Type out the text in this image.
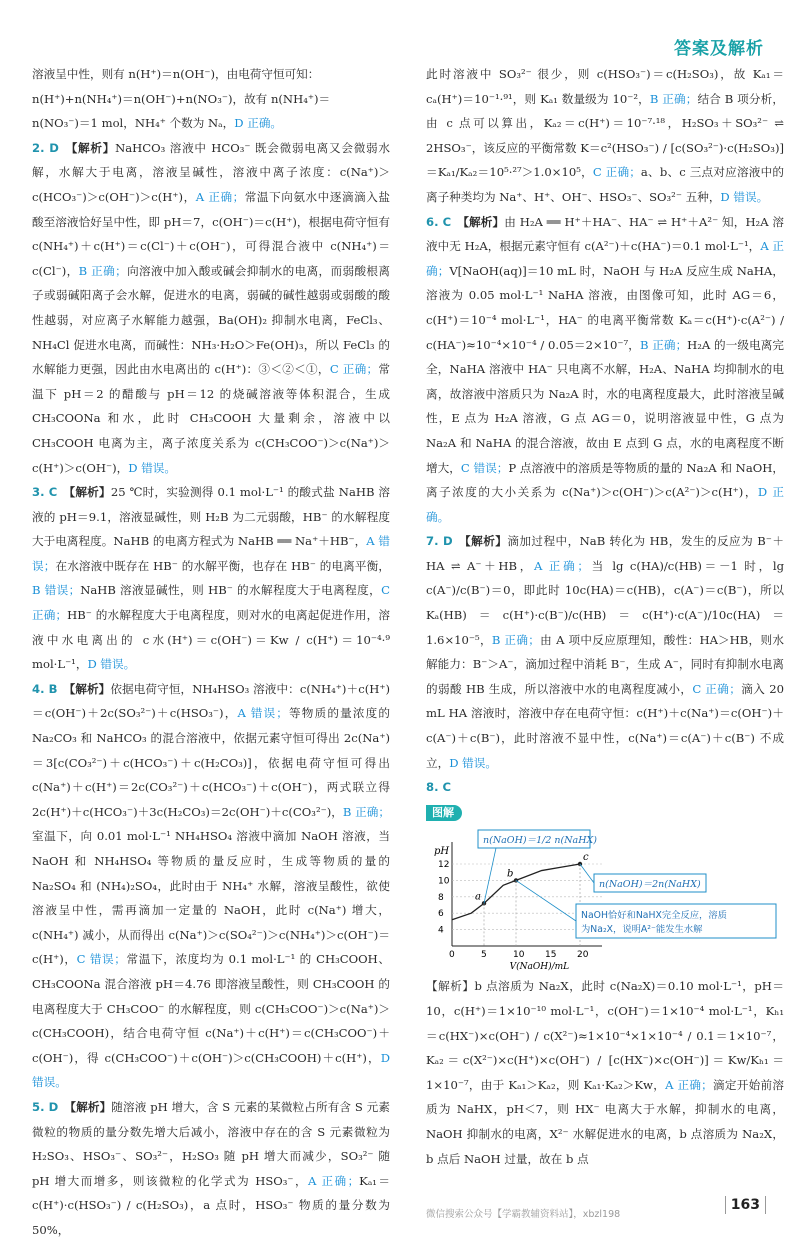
答案及解析

溶液呈中性，则有 n(H⁺)＝n(OH⁻)，由电荷守恒可知：

n(H⁺)+n(NH₄⁺)＝n(OH⁻)+n(NO₃⁻)，故有 n(NH₄⁺)＝

n(NO₃⁻)＝1 mol，NH₄⁺ 个数为 Nₐ，D 正确。

2. D 【解析】NaHCO₃ 溶液中 HCO₃⁻ 既会微弱电离又会微弱水解，水解大于电离，溶液呈碱性，溶液中离子浓度：c(Na⁺)＞c(HCO₃⁻)＞c(OH⁻)＞c(H⁺)，A 正确；常温下向氨水中逐滴滴入盐酸至溶液恰好呈中性，即 pH＝7，c(OH⁻)＝c(H⁺)，根据电荷守恒有 c(NH₄⁺)＋c(H⁺)＝c(Cl⁻)＋c(OH⁻)，可得混合液中 c(NH₄⁺)＝c(Cl⁻)，B 正确；向溶液中加入酸或碱会抑制水的电离，而弱酸根离子或弱碱阳离子会水解，促进水的电离，弱碱的碱性越弱或弱酸的酸性越弱，对应离子水解能力越强，Ba(OH)₂ 抑制水电离，FeCl₃、NH₄Cl 促进水电离，而碱性：NH₃·H₂O＞Fe(OH)₃，所以 FeCl₃ 的水解能力更强，因此由水电离出的 c(H⁺)：③＜②＜①，C 正确；常温下 pH＝2 的醋酸与 pH＝12 的烧碱溶液等体积混合，生成 CH₃COONa 和水，此时 CH₃COOH 大量剩余，溶液中以 CH₃COOH 电离为主，离子浓度关系为 c(CH₃COO⁻)＞c(Na⁺)＞c(H⁺)＞c(OH⁻)，D 错误。

3. C 【解析】25 ℃时，实验测得 0.1 mol·L⁻¹ 的酸式盐 NaHB 溶液的 pH＝9.1，溶液显碱性，则 H₂B 为二元弱酸，HB⁻ 的水解程度大于电离程度。NaHB 的电离方程式为 NaHB ══ Na⁺＋HB⁻，A 错误；在水溶液中既存在 HB⁻ 的水解平衡，也存在 HB⁻ 的电离平衡，B 错误；NaHB 溶液显碱性，则 HB⁻ 的水解程度大于电离程度，C 正确；HB⁻ 的水解程度大于电离程度，则对水的电离起促进作用，溶液中水电离出的 c水(H⁺)＝c(OH⁻)＝Kw / c(H⁺)＝10⁻⁴·⁹ mol·L⁻¹，D 错误。

4. B 【解析】依据电荷守恒，NH₄HSO₃ 溶液中：c(NH₄⁺)＋c(H⁺)＝c(OH⁻)＋2c(SO₃²⁻)＋c(HSO₃⁻)，A 错误；等物质的量浓度的 Na₂CO₃ 和 NaHCO₃ 的混合溶液中，依据元素守恒可得出 2c(Na⁺)＝3[c(CO₃²⁻)＋c(HCO₃⁻)＋c(H₂CO₃)]，依据电荷守恒可得出 c(Na⁺)＋c(H⁺)＝2c(CO₃²⁻)＋c(HCO₃⁻)＋c(OH⁻)，两式联立得 2c(H⁺)＋c(HCO₃⁻)＋3c(H₂CO₃)＝2c(OH⁻)＋c(CO₃²⁻)，B 正确；室温下，向 0.01 mol·L⁻¹ NH₄HSO₄ 溶液中滴加 NaOH 溶液，当 NaOH 和 NH₄HSO₄ 等物质的量反应时，生成等物质的量的 Na₂SO₄ 和 (NH₄)₂SO₄，此时由于 NH₄⁺ 水解，溶液呈酸性，欲使溶液呈中性，需再滴加一定量的 NaOH，此时 c(Na⁺) 增大，c(NH₄⁺) 减小，从而得出 c(Na⁺)＞c(SO₄²⁻)＞c(NH₄⁺)＞c(OH⁻)＝c(H⁺)，C 错误；常温下，浓度均为 0.1 mol·L⁻¹ 的 CH₃COOH、CH₃COONa 混合溶液 pH＝4.76 即溶液呈酸性，则 CH₃COOH 的电离程度大于 CH₃COO⁻ 的水解程度，则 c(CH₃COO⁻)＞c(Na⁺)＞c(CH₃COOH)，结合电荷守恒 c(Na⁺)＋c(H⁺)＝c(CH₃COO⁻)＋c(OH⁻)，得 c(CH₃COO⁻)＋c(OH⁻)＞c(CH₃COOH)＋c(H⁺)，D 错误。

5. D 【解析】随溶液 pH 增大，含 S 元素的某微粒占所有含 S 元素微粒的物质的量分数先增大后减小，溶液中存在的含 S 元素微粒为 H₂SO₃、HSO₃⁻、SO₃²⁻，H₂SO₃ 随 pH 增大而减少，SO₃²⁻ 随 pH 增大而增多，则该微粒的化学式为 HSO₃⁻，A 正确；Kₐ₁＝c(H⁺)·c(HSO₃⁻) / c(H₂SO₃)，a 点时，HSO₃⁻ 物质的量分数为 50%，

此时溶液中 SO₃²⁻ 很少，则 c(HSO₃⁻)＝c(H₂SO₃)，故 Kₐ₁＝cₐ(H⁺)＝10⁻¹·⁹¹，则 Kₐ₁ 数量级为 10⁻²，B 正确；结合 B 项分析，由 c 点可以算出，Kₐ₂＝c(H⁺)＝10⁻⁷·¹⁸，H₂SO₃＋SO₃²⁻ ⇌ 2HSO₃⁻，该反应的平衡常数 K＝c²(HSO₃⁻) / [c(SO₃²⁻)·c(H₂SO₃)]＝Kₐ₁/Kₐ₂＝10⁵·²⁷＞1.0×10⁵，C 正确；a、b、c 三点对应溶液中的离子种类均为 Na⁺、H⁺、OH⁻、HSO₃⁻、SO₃²⁻ 五种，D 错误。

6. C 【解析】由 H₂A ══ H⁺＋HA⁻、HA⁻ ⇌ H⁺＋A²⁻ 知，H₂A 溶液中无 H₂A，根据元素守恒有 c(A²⁻)＋c(HA⁻)＝0.1 mol·L⁻¹，A 正确；V[NaOH(aq)]＝10 mL 时，NaOH 与 H₂A 反应生成 NaHA，溶液为 0.05 mol·L⁻¹ NaHA 溶液，由图像可知，此时 AG＝6，c(H⁺)＝10⁻⁴ mol·L⁻¹，HA⁻ 的电离平衡常数 Kₐ＝c(H⁺)·c(A²⁻) / c(HA⁻)≈10⁻⁴×10⁻⁴ / 0.05＝2×10⁻⁷，B 正确；H₂A 的一级电离完全，NaHA 溶液中 HA⁻ 只电离不水解，H₂A、NaHA 均抑制水的电离，故溶液中溶质只为 Na₂A 时，水的电离程度最大，此时溶液呈碱性，E 点为 H₂A 溶液，G 点 AG＝0，说明溶液显中性，G 点为 Na₂A 和 NaHA 的混合溶液，故由 E 点到 G 点，水的电离程度不断增大，C 错误；P 点溶液中的溶质是等物质的量的 Na₂A 和 NaOH，离子浓度的大小关系为 c(Na⁺)＞c(OH⁻)＞c(A²⁻)＞c(H⁺)，D 正确。

7. D 【解析】滴加过程中，NaB 转化为 HB，发生的反应为 B⁻＋HA ⇌ A⁻＋HB，A 正确；当 lg c(HA)/c(HB)＝－1 时，lg c(A⁻)/c(B⁻)＝0，即此时 10c(HA)＝c(HB)，c(A⁻)＝c(B⁻)，所以 Kₐ(HB)＝c(H⁺)·c(B⁻)/c(HB)＝c(H⁺)·c(A⁻)/10c(HA)＝1.6×10⁻⁵，B 正确；由 A 项中反应原理知，酸性：HA＞HB，则水解能力：B⁻＞A⁻，滴加过程中消耗 B⁻，生成 A⁻，同时有抑制水电离的弱酸 HB 生成，所以溶液中水的电离程度减小，C 正确；滴入 20 mL HA 溶液时，溶液中存在电荷守恒：c(H⁺)＋c(Na⁺)＝c(OH⁻)＋c(A⁻)＋c(B⁻)，此时溶液不显中性，c(Na⁺)＝c(A⁻)＋c(B⁻) 不成立，D 错误。

8. C

图解
pH
12
10
8
6
4
0	5	10 15 20
V(NaOH)/mL
a
b
c
n(NaOH)＝1/2 n(NaHX)
n(NaOH)＝2n(NaHX)
NaOH恰好和NaHX完全反应，溶质
为Na₂X，说明A²⁻能发生水解

【解析】b 点溶质为 Na₂X，此时 c(Na₂X)＝0.10 mol·L⁻¹，pH＝10，c(H⁺)＝1×10⁻¹⁰ mol·L⁻¹，c(OH⁻)＝1×10⁻⁴ mol·L⁻¹，Kₕ₁＝c(HX⁻)×c(OH⁻) / c(X²⁻)≈1×10⁻⁴×1×10⁻⁴ / 0.1＝1×10⁻⁷，Kₐ₂＝c(X²⁻)×c(H⁺)×c(OH⁻) / [c(HX⁻)×c(OH⁻)]＝Kw/Kₕ₁＝1×10⁻⁷，由于 Kₐ₁＞Kₐ₂，则 Kₐ₁·Kₐ₂＞Kw，A 正确；滴定开始前溶质为 NaHX，pH＜7，则 HX⁻ 电离大于水解，抑制水的电离，NaOH 抑制水的电离，X²⁻ 水解促进水的电离，b 点溶质为 Na₂X，b 点后 NaOH 过量，故在 b 点

微信搜索公众号【学霸教辅资料站】，xbzl198
163
